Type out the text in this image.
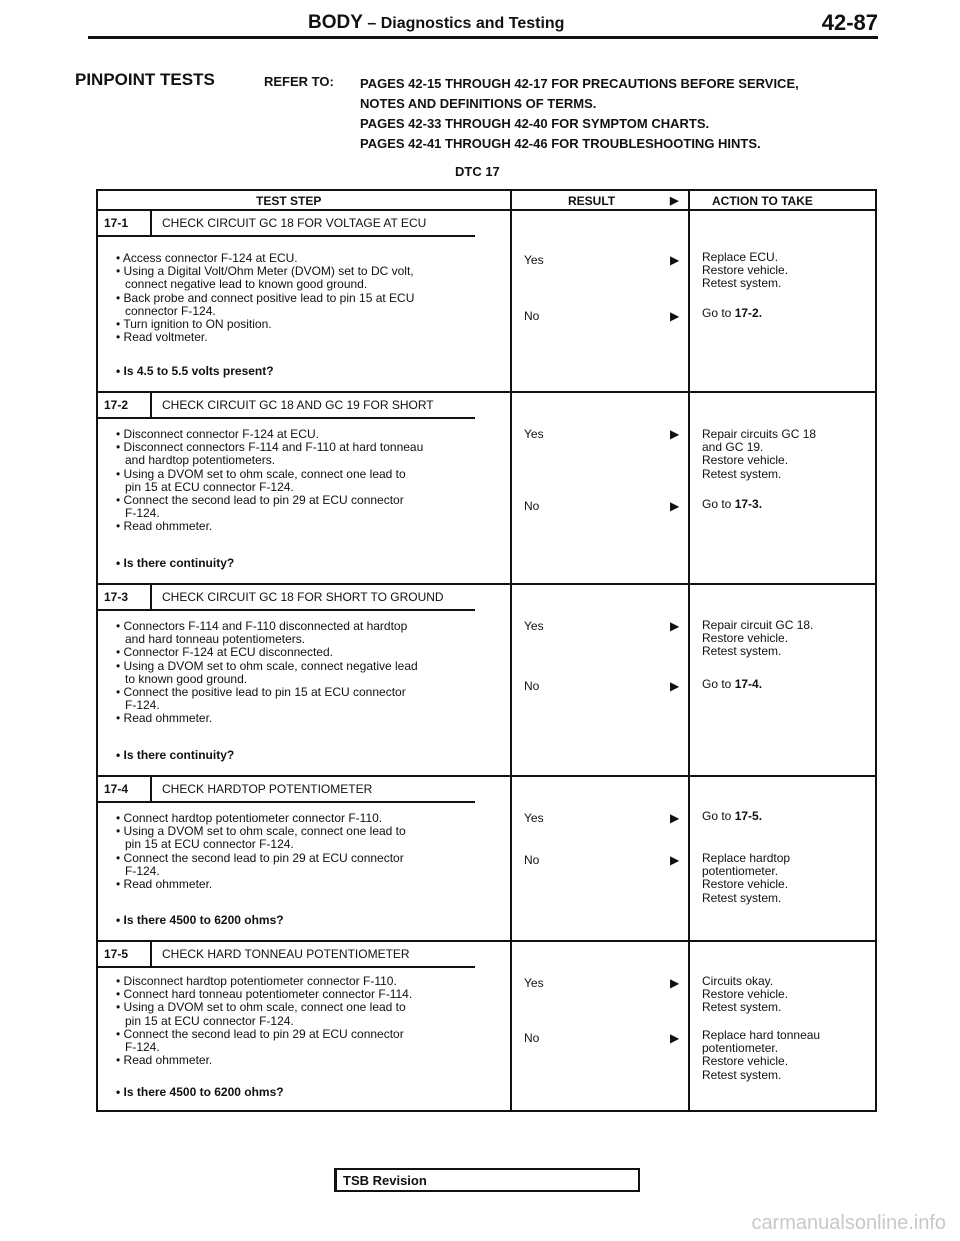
BODY – Diagnostics and Testing	42-87
PINPOINT TESTS	REFER TO: PAGES 42-15 THROUGH 42-17 FOR PRECAUTIONS BEFORE SERVICE,
NOTES AND DEFINITIONS OF TERMS.
PAGES 42-33 THROUGH 42-40 FOR SYMPTOM CHARTS.
PAGES 42-41 THROUGH 42-46 FOR TROUBLESHOOTING HINTS.
DTC 17
TEST STEP	RESULT	▶	ACTION TO TAKE
17-1	CHECK CIRCUIT GC 18 FOR VOLTAGE AT ECU
• Access connector F-124 at ECU.
• Using a Digital Volt/Ohm Meter (DVOM) set to DC volt,
connect negative lead to known good ground.
• Back probe and connect positive lead to pin 15 at ECU
connector F-124.
• Turn ignition to ON position.
• Read voltmeter.
• Is 4.5 to 5.5 volts present?
Yes	▶ Replace ECU.
Restore vehicle.
Retest system.
No	▶ Go to 17-2.
17-2	CHECK CIRCUIT GC 18 AND GC 19 FOR SHORT
• Disconnect connector F-124 at ECU.
• Disconnect connectors F-114 and F-110 at hard tonneau
and hardtop potentiometers.
• Using a DVOM set to ohm scale, connect one lead to
pin 15 at ECU connector F-124.
• Connect the second lead to pin 29 at ECU connector
F-124.
• Read ohmmeter.
• Is there continuity?
Yes	▶ Repair circuits GC 18
and GC 19.
Restore vehicle.
Retest system.
No	▶ Go to 17-3.
17-3	CHECK CIRCUIT GC 18 FOR SHORT TO GROUND
• Connectors F-114 and F-110 disconnected at hardtop
and hard tonneau potentiometers.
• Connector F-124 at ECU disconnected.
• Using a DVOM set to ohm scale, connect negative lead
to known good ground.
• Connect the positive lead to pin 15 at ECU connector
F-124.
• Read ohmmeter.
• Is there continuity?
Yes	▶ Repair circuit GC 18.
Restore vehicle.
Retest system.
No	▶ Go to 17-4.
17-4	CHECK HARDTOP POTENTIOMETER
• Connect hardtop potentiometer connector F-110.
• Using a DVOM set to ohm scale, connect one lead to
pin 15 at ECU connector F-124.
• Connect the second lead to pin 29 at ECU connector
F-124.
• Read ohmmeter.
• Is there 4500 to 6200 ohms?
Yes	▶ Go to 17-5.
No	▶ Replace hardtop
potentiometer.
Restore vehicle.
Retest system.
17-5	CHECK HARD TONNEAU POTENTIOMETER
• Disconnect hardtop potentiometer connector F-110.
• Connect hard tonneau potentiometer connector F-114.
• Using a DVOM set to ohm scale, connect one lead to
pin 15 at ECU connector F-124.
• Connect the second lead to pin 29 at ECU connector
F-124.
• Read ohmmeter.
• Is there 4500 to 6200 ohms?
Yes	▶ Circuits okay.
Restore vehicle.
Retest system.
No	▶ Replace hard tonneau
potentiometer.
Restore vehicle.
Retest system.
TSB Revision
carmanualsonline.info
